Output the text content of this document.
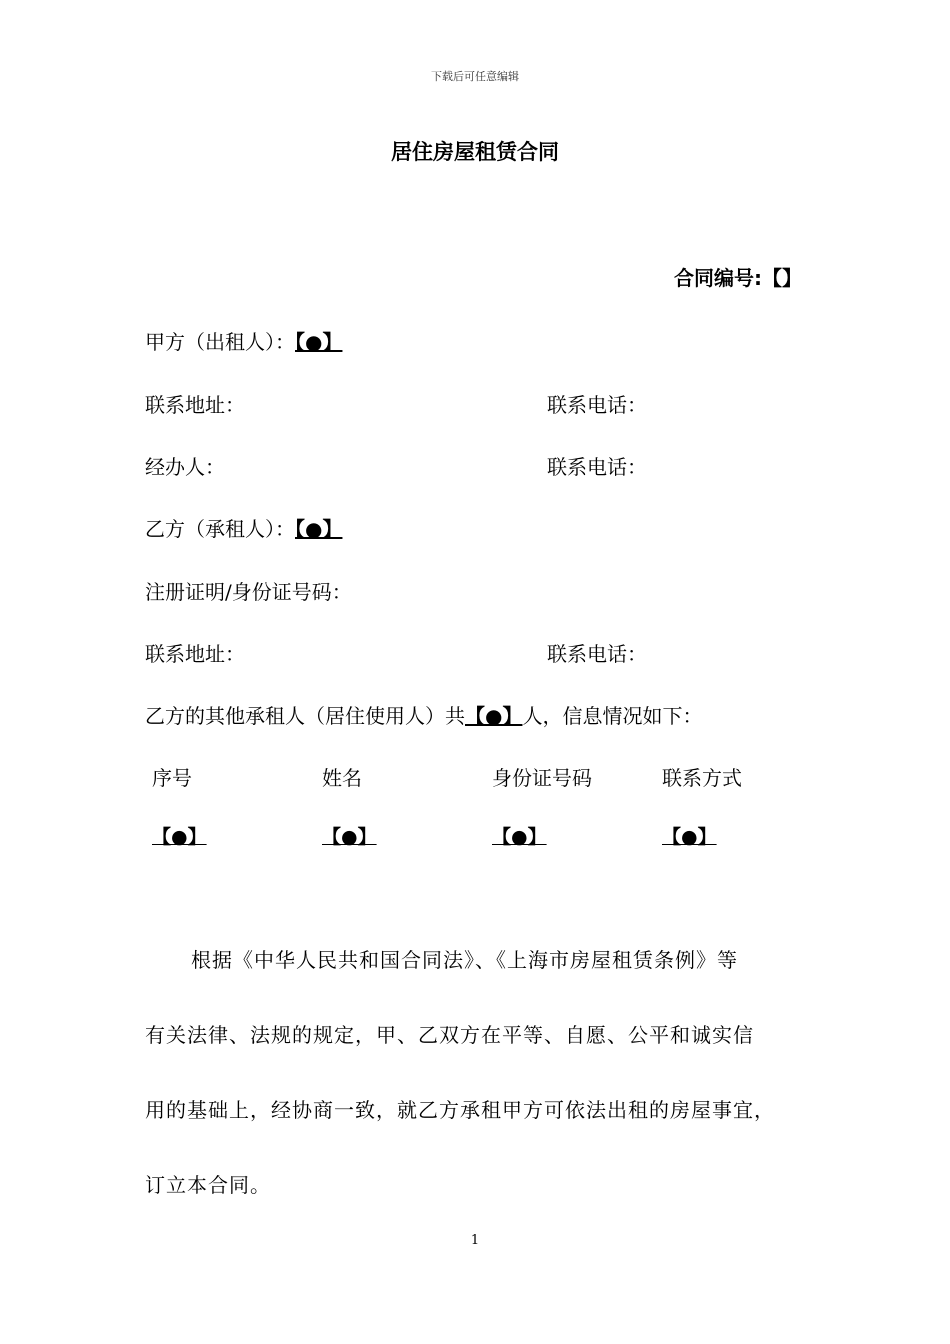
下载后可任意编辑
居住房屋租赁合同
合同编号:【】
甲方（出租人）：【●】
联系地址：	联系电话：
经办人：	联系电话：
乙方（承租人）：【●】
注册证明/身份证号码：
联系地址：	联系电话：
乙方的其他承租人（居住使用人）共【●】人，信息情况如下：
序号	姓名	身份证号码	联系方式
【●】	【●】	【●】	【●】
根据《中华人民共和国合同法》、《上海市房屋租赁条例》等
有关法律、法规的规定，甲、乙双方在平等、自愿、公平和诚实信
用的基础上，经协商一致，就乙方承租甲方可依法出租的房屋事宜，
订立本合同。
1
